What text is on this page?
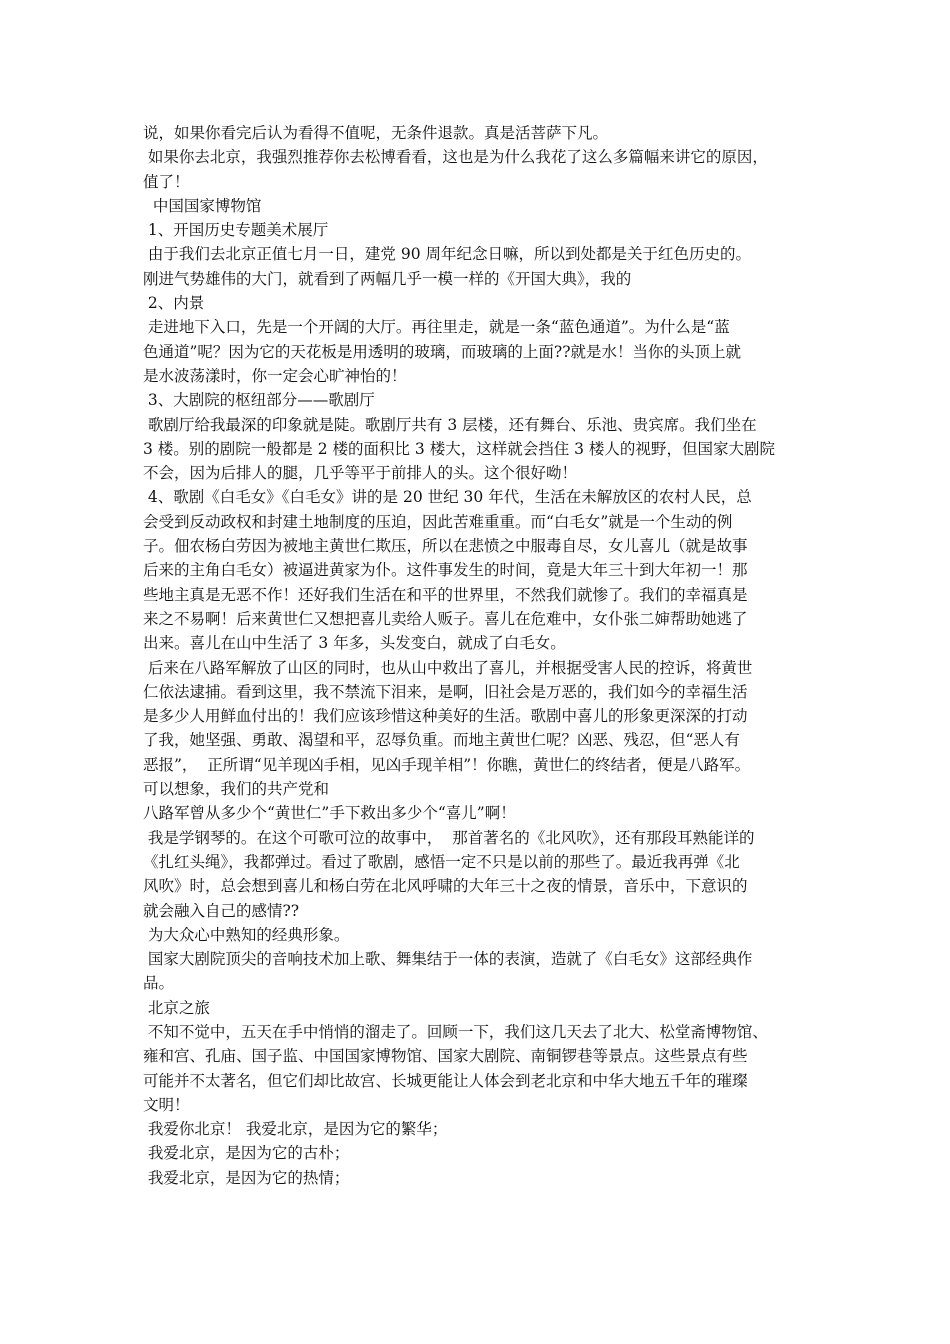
说，如果你看完后认为看得不值呢，无条件退款。真是活菩萨下凡。
如果你去北京，我强烈推荐你去松博看看，这也是为什么我花了这么多篇幅来讲它的原因，
值了！
中国国家博物馆
1、开国历史专题美术展厅
由于我们去北京正值七月一日，建党 90 周年纪念日嘛，所以到处都是关于红色历史的。
刚进气势雄伟的大门，就看到了两幅几乎一模一样的《开国大典》，我的
2、内景
走进地下入口，先是一个开阔的大厅。再往里走，就是一条“蓝色通道”。为什么是“蓝
色通道”呢？因为它的天花板是用透明的玻璃，而玻璃的上面??就是水！当你的头顶上就
是水波荡漾时，你一定会心旷神怡的！
3、大剧院的枢纽部分——歌剧厅
歌剧厅给我最深的印象就是陡。歌剧厅共有 3 层楼，还有舞台、乐池、贵宾席。我们坐在
3 楼。别的剧院一般都是 2 楼的面积比 3 楼大，这样就会挡住 3 楼人的视野，但国家大剧院
不会，因为后排人的腿，几乎等平于前排人的头。这个很好呦！
4、歌剧《白毛女》《白毛女》讲的是 20 世纪 30 年代，生活在未解放区的农村人民，总
会受到反动政权和封建土地制度的压迫，因此苦难重重。而“白毛女”就是一个生动的例
子。佃农杨白劳因为被地主黄世仁欺压，所以在悲愤之中服毒自尽，女儿喜儿（就是故事
后来的主角白毛女）被逼进黄家为仆。这件事发生的时间，竟是大年三十到大年初一！那
些地主真是无恶不作！还好我们生活在和平的世界里，不然我们就惨了。我们的幸福真是
来之不易啊！后来黄世仁又想把喜儿卖给人贩子。喜儿在危难中，女仆张二婶帮助她逃了
出来。喜儿在山中生活了 3 年多，头发变白，就成了白毛女。
后来在八路军解放了山区的同时，也从山中救出了喜儿，并根据受害人民的控诉，将黄世
仁依法逮捕。看到这里，我不禁流下泪来，是啊，旧社会是万恶的，我们如今的幸福生活
是多少人用鲜血付出的！我们应该珍惜这种美好的生活。歌剧中喜儿的形象更深深的打动
了我，她坚强、勇敢、渴望和平，忍辱负重。而地主黄世仁呢？凶恶、残忍，但“恶人有
恶报”，  正所谓“见羊现凶手相，见凶手现羊相”！你瞧，黄世仁的终结者，便是八路军。
可以想象，我们的共产党和
八路军曾从多少个“黄世仁”手下救出多少个“喜儿”啊！
我是学钢琴的。在这个可歌可泣的故事中，  那首著名的《北风吹》，还有那段耳熟能详的
《扎红头绳》，我都弹过。看过了歌剧，感悟一定不只是以前的那些了。最近我再弹《北
风吹》时，总会想到喜儿和杨白劳在北风呼啸的大年三十之夜的情景，音乐中，下意识的
就会融入自己的感情??
为大众心中熟知的经典形象。
国家大剧院顶尖的音响技术加上歌、舞集结于一体的表演，造就了《白毛女》这部经典作
品。
北京之旅
不知不觉中，五天在手中悄悄的溜走了。回顾一下，我们这几天去了北大、松堂斋博物馆、
雍和宫、孔庙、国子监、中国国家博物馆、国家大剧院、南铜锣巷等景点。这些景点有些
可能并不太著名，但它们却比故宫、长城更能让人体会到老北京和中华大地五千年的璀璨
文明！
我爱你北京！ 我爱北京，是因为它的繁华；
我爱北京，是因为它的古朴；
我爱北京，是因为它的热情；
